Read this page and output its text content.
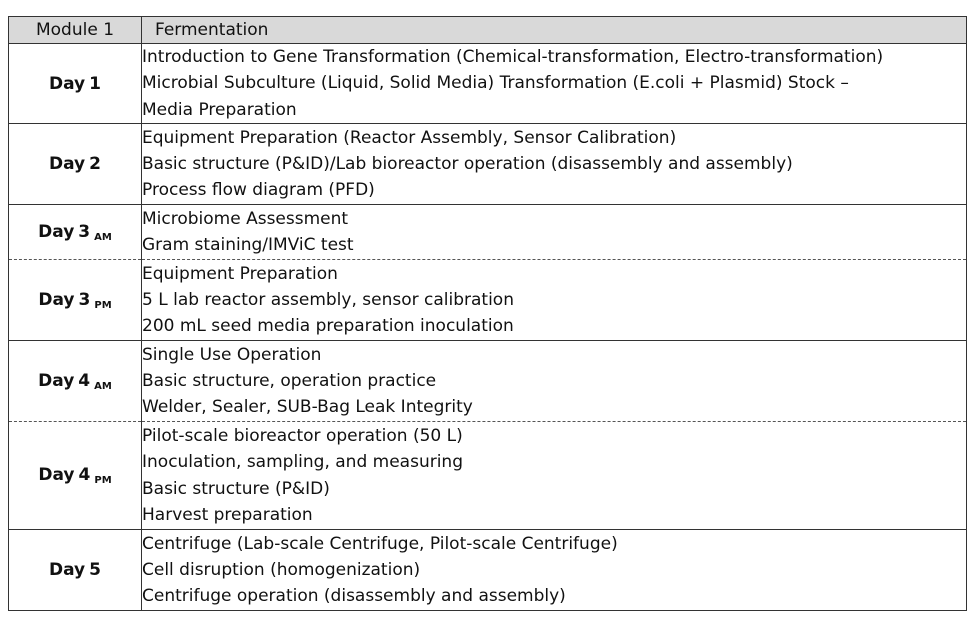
Module 1	Fermentation
Day 1	Introduction to Gene Transformation (Chemical-transformation, Electro-transformation)
Microbial Subculture (Liquid, Solid Media) Transformation (E.coli + Plasmid) Stock –
Media Preparation

Day 2	Equipment Preparation (Reactor Assembly, Sensor Calibration)
Basic structure (P&ID)/Lab bioreactor operation (disassembly and assembly)
Process flow diagram (PFD)

Day 3 AM	Microbiome Assessment
Gram staining/IMViC test

Day 3 PM	Equipment Preparation
5 L lab reactor assembly, sensor calibration
200 mL seed media preparation inoculation

Day 4 AM	Single Use Operation
Basic structure, operation practice
Welder, Sealer, SUB-Bag Leak Integrity

Day 4 PM	Pilot-scale bioreactor operation (50 L)
Inoculation, sampling, and measuring
Basic structure (P&ID)
Harvest preparation

Day 5	Centrifuge (Lab-scale Centrifuge, Pilot-scale Centrifuge)
Cell disruption (homogenization)
Centrifuge operation (disassembly and assembly)
